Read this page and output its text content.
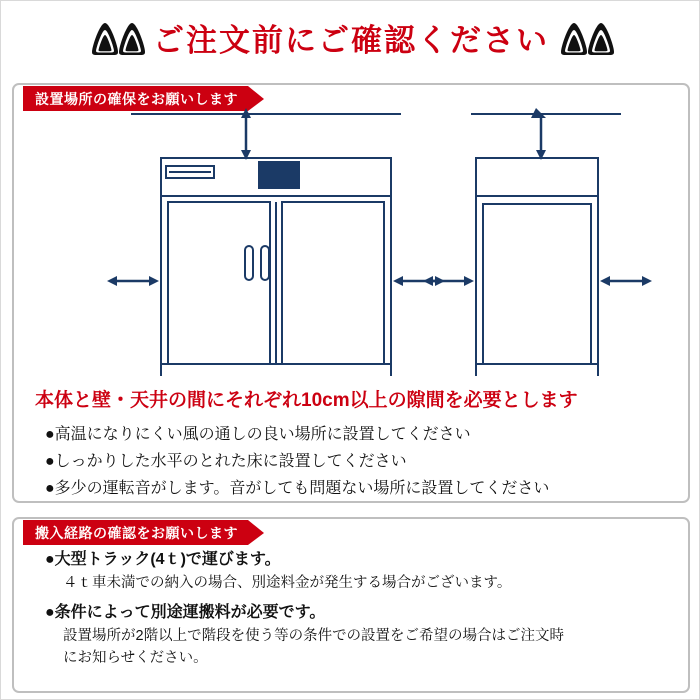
ご注文前にご確認ください
設置場所の確保をお願いします
本体と壁・天井の間にそれぞれ10cm以上の隙間を必要とします
●高温になりにくい風の通しの良い場所に設置してください
●しっかりした水平のとれた床に設置してください
●多少の運転音がします。音がしても問題ない場所に設置してください
搬入経路の確認をお願いします
●大型トラック(4ｔ)で運びます。
４ｔ車未満での納入の場合、別途料金が発生する場合がございます。
●条件によって別途運搬料が必要です。
設置場所が2階以上で階段を使う等の条件での設置をご希望の場合はご注文時
にお知らせください。
